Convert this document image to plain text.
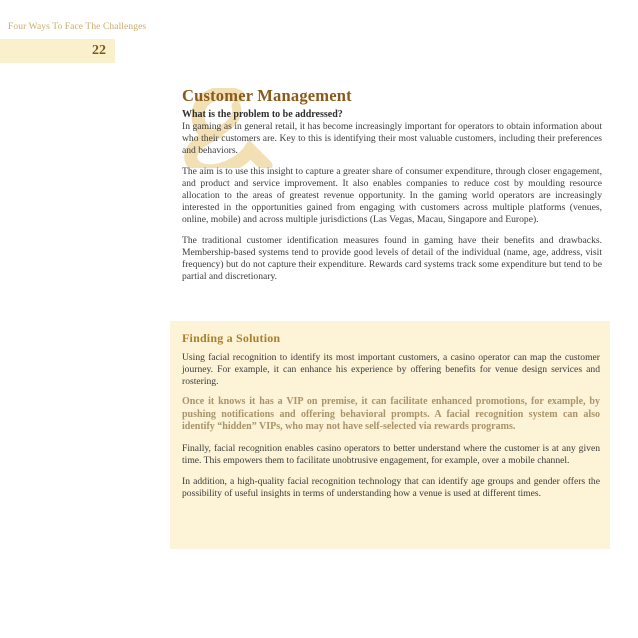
Four Ways To Face The Challenges
22
Customer Management
What is the problem to be addressed?

In gaming as in general retail, it has become increasingly important for operators to obtain information about who their customers are. Key to this is identifying their most valuable customers, including their preferences and behaviors.

The aim is to use this insight to capture a greater share of consumer expenditure, through closer engagement, and product and service improvement. It also enables companies to reduce cost by moulding resource allocation to the areas of greatest revenue opportunity. In the gaming world operators are increasingly interested in the opportunities gained from engaging with customers across multiple platforms (venues, online, mobile) and across multiple jurisdictions (Las Vegas, Macau, Singapore and Europe).

The traditional customer identification measures found in gaming have their benefits and drawbacks. Membership-based systems tend to provide good levels of detail of the individual (name, age, address, visit frequency) but do not capture their expenditure. Rewards card systems track some expenditure but tend to be partial and discretionary.

Finding a Solution

Using facial recognition to identify its most important customers, a casino operator can map the customer journey. For example, it can enhance his experience by offering benefits for venue design services and rostering.

Once it knows it has a VIP on premise, it can facilitate enhanced promotions, for example, by pushing notifications and offering behavioral prompts. A facial recognition system can also identify “hidden” VIPs, who may not have self-selected via rewards programs.

Finally, facial recognition enables casino operators to better understand where the customer is at any given time. This empowers them to facilitate unobtrusive engagement, for example, over a mobile channel.

In addition, a high-quality facial recognition technology that can identify age groups and gender offers the possibility of useful insights in terms of understanding how a venue is used at different times.
